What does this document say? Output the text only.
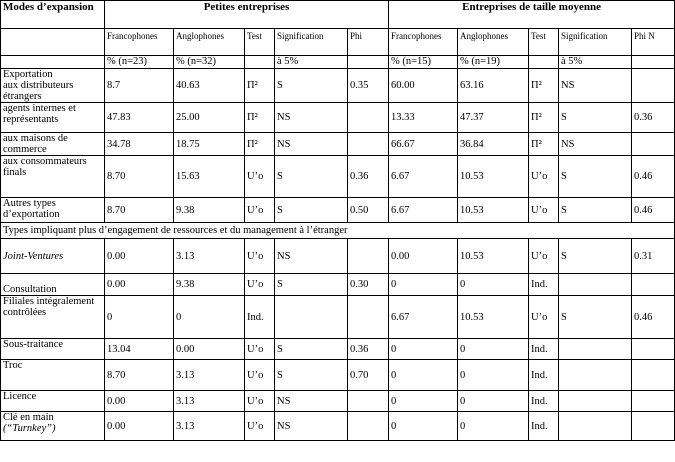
Modes d’expansion	Petites entreprises					Entreprises de taille moyenne				
	Francophones	Anglophones	Test	Signification	Phi	Francophones	Anglophones	Test	Signification	Phi N
	% (n=23)	% (n=32)		à 5%		% (n=15)	% (n=19)		à 5%	

Exportation
aux distributeurs étrangers	8.7	40.63	Π²	S	0.35	60.00	63.16	Π²	NS	
agents internes et représentants	47.83	25.00	Π²	NS		13.33	47.37	Π²	S	0.36
aux maisons de commerce	34.78	18.75	Π²	NS		66.67	36.84	Π²	NS	
aux consommateurs finals	8.70	15.63	U’o	S	0.36	6.67	10.53	U’o	S	0.46
Autres types d’exportation	8.70	9.38	U’o	S	0.50	6.67	10.53	U’o	S	0.46
Types impliquant plus d’engagement de ressources et du management à l’étranger										
Joint-Ventures	0.00	3.13	U’o	NS		0.00	10.53	U’o	S	0.31
Consultation	0.00	9.38	U’o	S	0.30	0	0	Ind.		
Filiales intégralement contrôlées	0	0	Ind.			6.67	10.53	U’o	S	0.46
Sous-traitance	13.04	0.00	U’o	S	0.36	0	0	Ind.		
Troc	8.70	3.13	U’o	S	0.70	0	0	Ind.		
Licence	0.00	3.13	U’o	NS		0	0	Ind.		

Clé en main
(“Turnkey”)	0.00	3.13	U’o	NS		0	0	Ind.		
